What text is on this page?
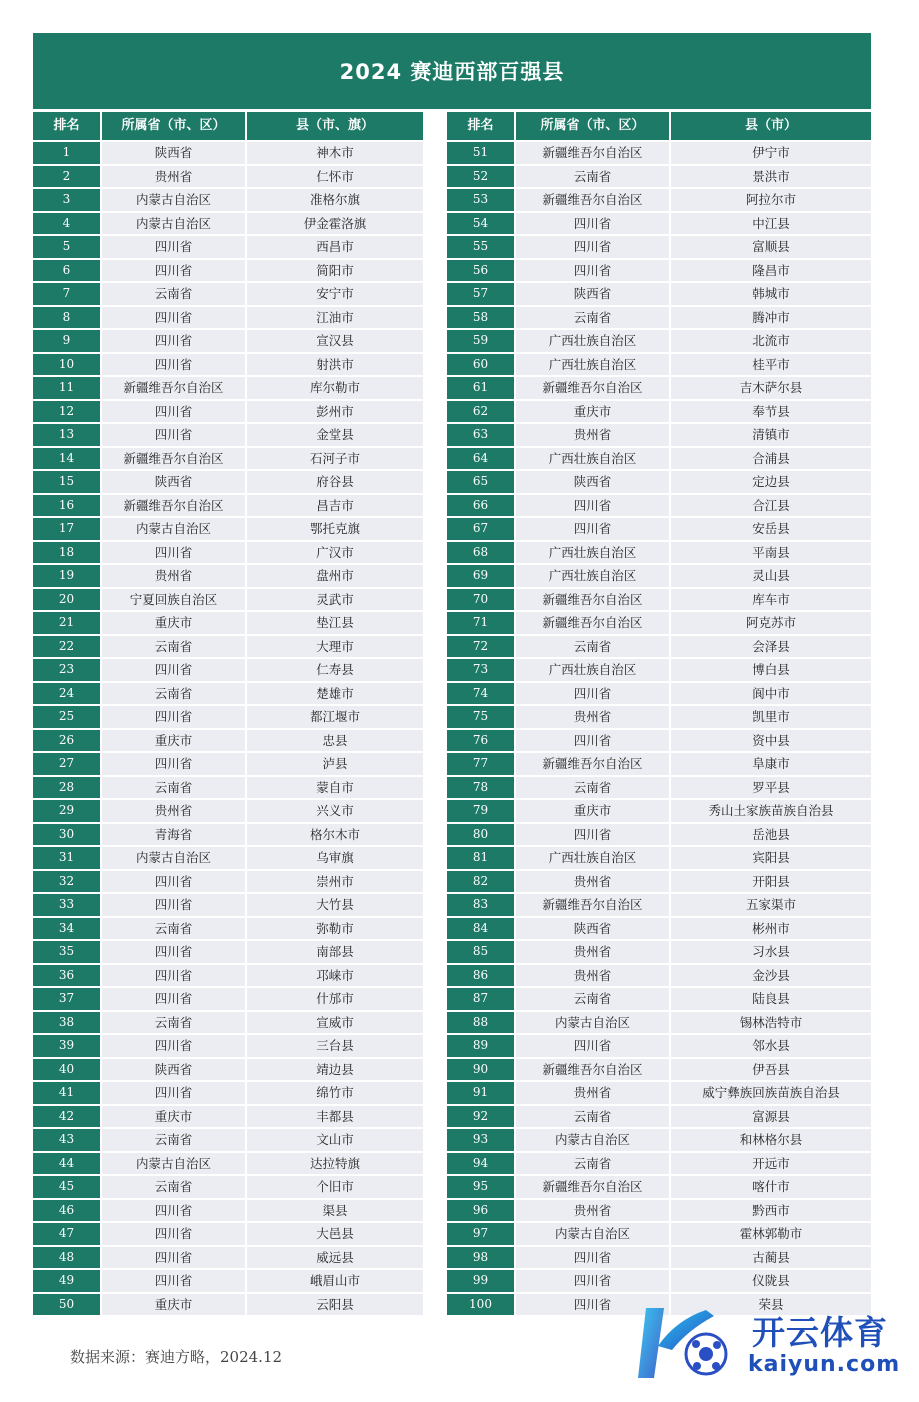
2024 赛迪西部百强县
排名	所属省（市、区）	县（市、旗）
1	陕西省	神木市
2	贵州省	仁怀市
3	内蒙古自治区	准格尔旗
4	内蒙古自治区	伊金霍洛旗
5	四川省	西昌市
6	四川省	简阳市
7	云南省	安宁市
8	四川省	江油市
9	四川省	宣汉县
10	四川省	射洪市
11	新疆维吾尔自治区	库尔勒市
12	四川省	彭州市
13	四川省	金堂县
14	新疆维吾尔自治区	石河子市
15	陕西省	府谷县
16	新疆维吾尔自治区	昌吉市
17	内蒙古自治区	鄂托克旗
18	四川省	广汉市
19	贵州省	盘州市
20	宁夏回族自治区	灵武市
21	重庆市	垫江县
22	云南省	大理市
23	四川省	仁寿县
24	云南省	楚雄市
25	四川省	都江堰市
26	重庆市	忠县
27	四川省	泸县
28	云南省	蒙自市
29	贵州省	兴义市
30	青海省	格尔木市
31	内蒙古自治区	乌审旗
32	四川省	崇州市
33	四川省	大竹县
34	云南省	弥勒市
35	四川省	南部县
36	四川省	邛崃市
37	四川省	什邡市
38	云南省	宣威市
39	四川省	三台县
40	陕西省	靖边县
41	四川省	绵竹市
42	重庆市	丰都县
43	云南省	文山市
44	内蒙古自治区	达拉特旗
45	云南省	个旧市
46	四川省	渠县
47	四川省	大邑县
48	四川省	威远县
49	四川省	峨眉山市
50	重庆市	云阳县
排名	所属省（市、区）	县（市）
51	新疆维吾尔自治区	伊宁市
52	云南省	景洪市
53	新疆维吾尔自治区	阿拉尔市
54	四川省	中江县
55	四川省	富顺县
56	四川省	隆昌市
57	陕西省	韩城市
58	云南省	腾冲市
59	广西壮族自治区	北流市
60	广西壮族自治区	桂平市
61	新疆维吾尔自治区	吉木萨尔县
62	重庆市	奉节县
63	贵州省	清镇市
64	广西壮族自治区	合浦县
65	陕西省	定边县
66	四川省	合江县
67	四川省	安岳县
68	广西壮族自治区	平南县
69	广西壮族自治区	灵山县
70	新疆维吾尔自治区	库车市
71	新疆维吾尔自治区	阿克苏市
72	云南省	会泽县
73	广西壮族自治区	博白县
74	四川省	阆中市
75	贵州省	凯里市
76	四川省	资中县
77	新疆维吾尔自治区	阜康市
78	云南省	罗平县
79	重庆市	秀山土家族苗族自治县
80	四川省	岳池县
81	广西壮族自治区	宾阳县
82	贵州省	开阳县
83	新疆维吾尔自治区	五家渠市
84	陕西省	彬州市
85	贵州省	习水县
86	贵州省	金沙县
87	云南省	陆良县
88	内蒙古自治区	锡林浩特市
89	四川省	邻水县
90	新疆维吾尔自治区	伊吾县
91	贵州省	威宁彝族回族苗族自治县
92	云南省	富源县
93	内蒙古自治区	和林格尔县
94	云南省	开远市
95	新疆维吾尔自治区	喀什市
96	贵州省	黔西市
97	内蒙古自治区	霍林郭勒市
98	四川省	古蔺县
99	四川省	仪陇县
100	四川省	荣县
数据来源：赛迪方略，2024.12
开云体育
kaiyun.com
